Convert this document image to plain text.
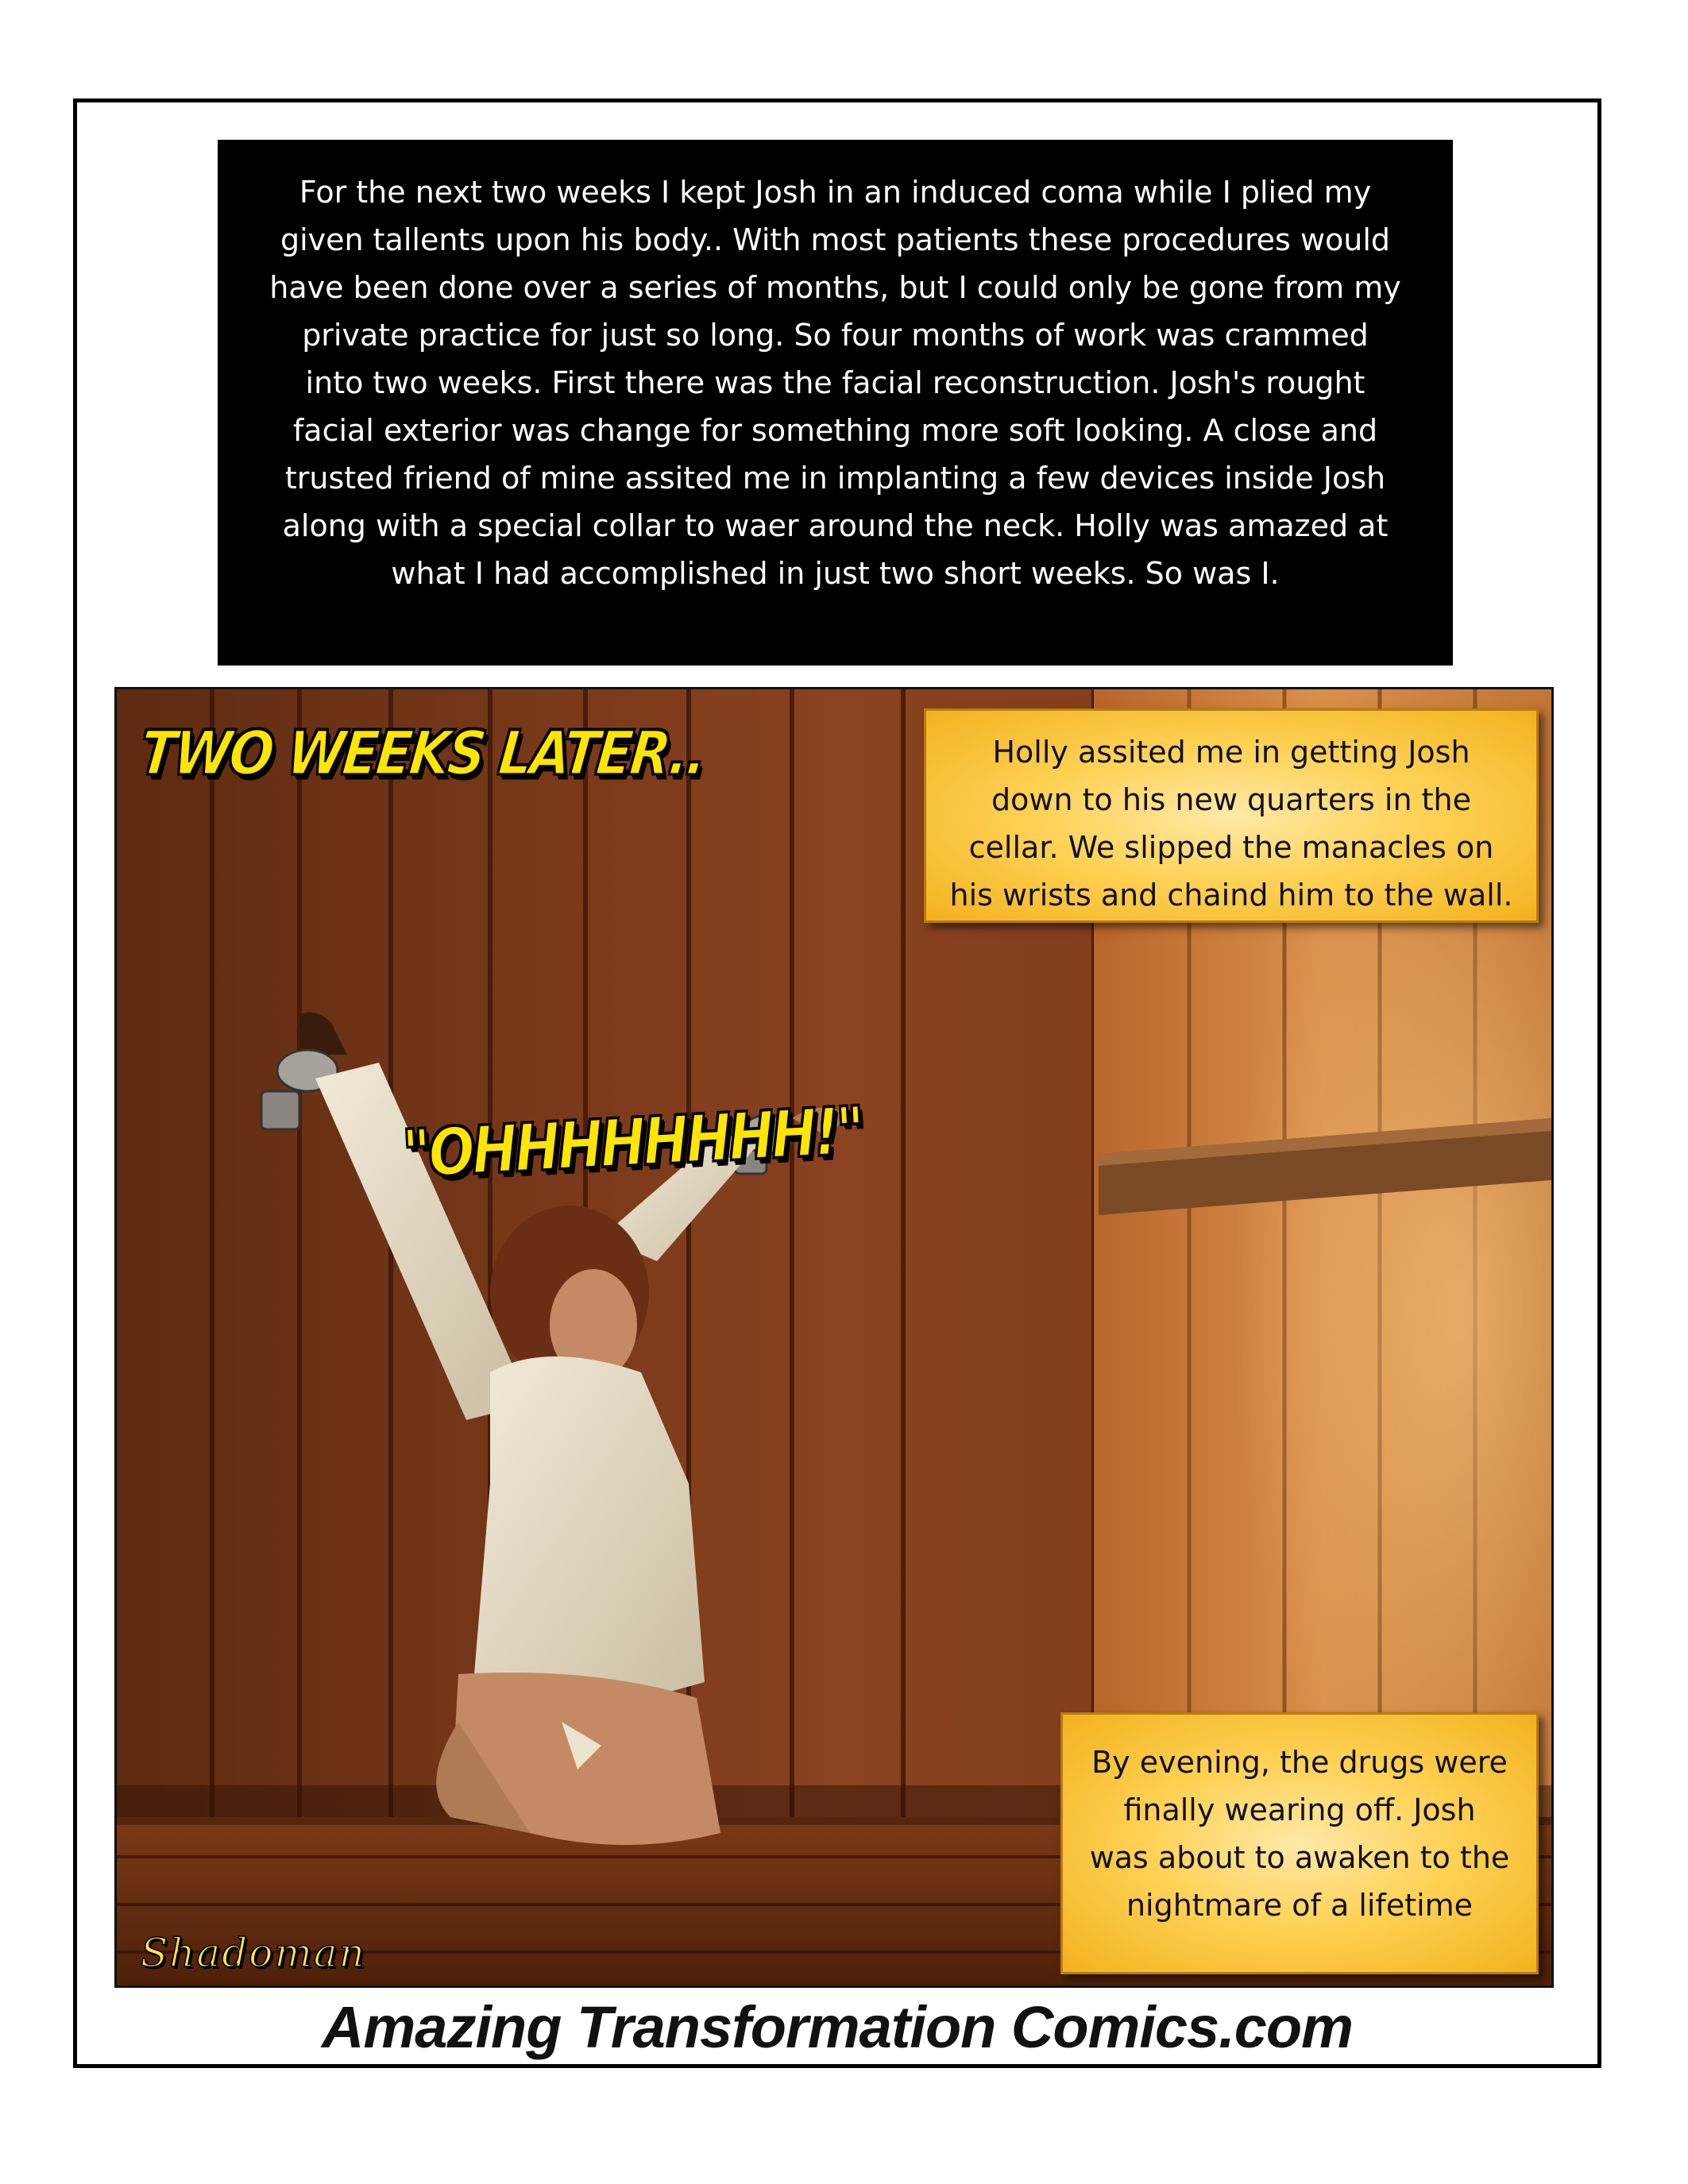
For the next two weeks I kept Josh in an induced coma while I plied my
given tallents upon his body.. With most patients these procedures would
have been done over a series of months, but I could only be gone from my
private practice for just so long. So four months of work was crammed
into two weeks. First there was the facial reconstruction. Josh's rought
facial exterior was change for something more soft looking. A close and
trusted friend of mine assited me in implanting a few devices inside Josh
along with a special collar to waer around the neck. Holly was amazed at
what I had accomplished in just two short weeks. So was I.
TWO WEEKS LATER..
"OHHHHHHHH!"
Holly assited me in getting Josh
down to his new quarters in the
cellar. We slipped the manacles on
his wrists and chaind him to the wall.
By evening, the drugs were
finally wearing off. Josh
was about to awaken to the
nightmare of a lifetime
Shadoman
Amazing Transformation Comics.com
